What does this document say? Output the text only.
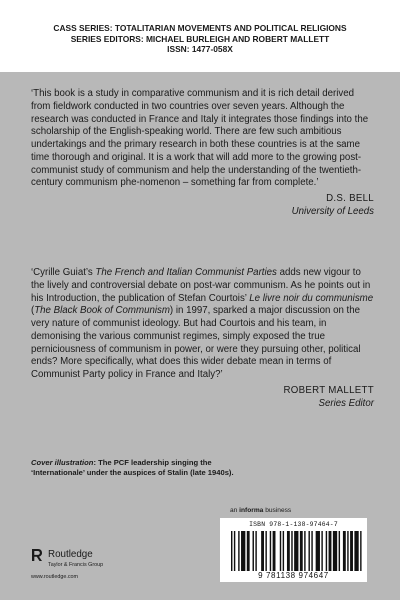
CASS SERIES: TOTALITARIAN MOVEMENTS AND POLITICAL RELIGIONS
SERIES EDITORS: MICHAEL BURLEIGH AND ROBERT MALLETT
ISSN: 1477-058X
‘This book is a study in comparative communism and it is rich detail derived from fieldwork conducted in two countries over seven years. Although the research was conducted in France and Italy it integrates those findings into the scholarship of the English-speaking world. There are few such ambitious undertakings and the primary research in both these countries is at the same time thorough and original. It is a work that will add more to the growing post-communist study of communism and help the understanding of the twentieth-century communism phe-nomenon – something far from complete.’
D.S. BELL
University of Leeds
‘Cyrille Guiat’s The French and Italian Communist Parties adds new vigour to the lively and controversial debate on post-war communism. As he points out in his Introduction, the publication of Stefan Courtois’ Le livre noir du communisme (The Black Book of Communism) in 1997, sparked a major discussion on the very nature of communist ideology. But had Courtois and his team, in demonising the various communist regimes, simply exposed the true perniciousness of communism in power, or were they pursuing other, political ends? More specifically, what does this wider debate mean in terms of Communist Party policy in France and Italy?’
ROBERT MALLETT
Series Editor
Cover illustration: The PCF leadership singing the ‘Internationale’ under the auspices of Stalin (late 1940s).
an informa business
ISBN 978-1-138-97464-7
9 781138 974647
Routledge
Taylor & Francis Group
www.routledge.com
